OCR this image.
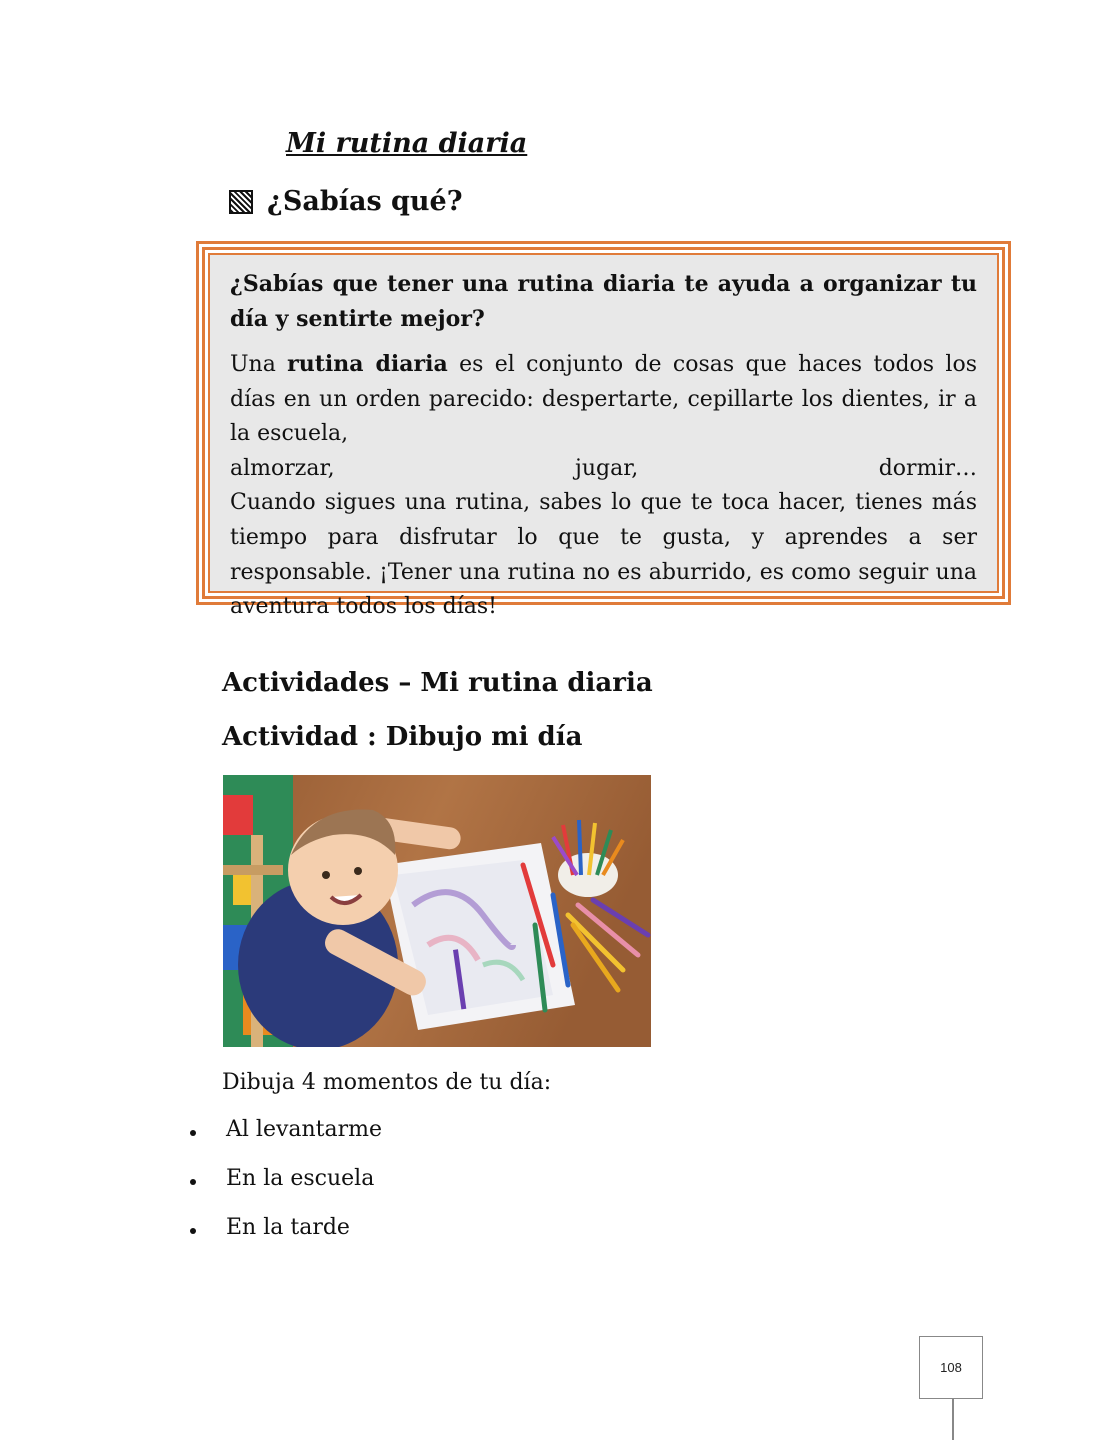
Mi rutina diaria
¿Sabías qué?

¿Sabías que tener una rutina diaria te ayuda a organizar tu día y sentirte mejor?

Una rutina diaria es el conjunto de cosas que haces todos los días en un orden parecido: despertarte, cepillarte los dientes, ir a la escuela,
almorzar,	jugar,	dormir…
Cuando sigues una rutina, sabes lo que te toca hacer, tienes más tiempo para disfrutar lo que te gusta, y aprendes a ser responsable. ¡Tener una rutina no es aburrido, es como seguir una aventura todos los días!
Actividades – Mi rutina diaria
Actividad : Dibujo mi día

Dibuja 4 momentos de tu día:

Al levantarme
En la escuela
En la tarde
108
